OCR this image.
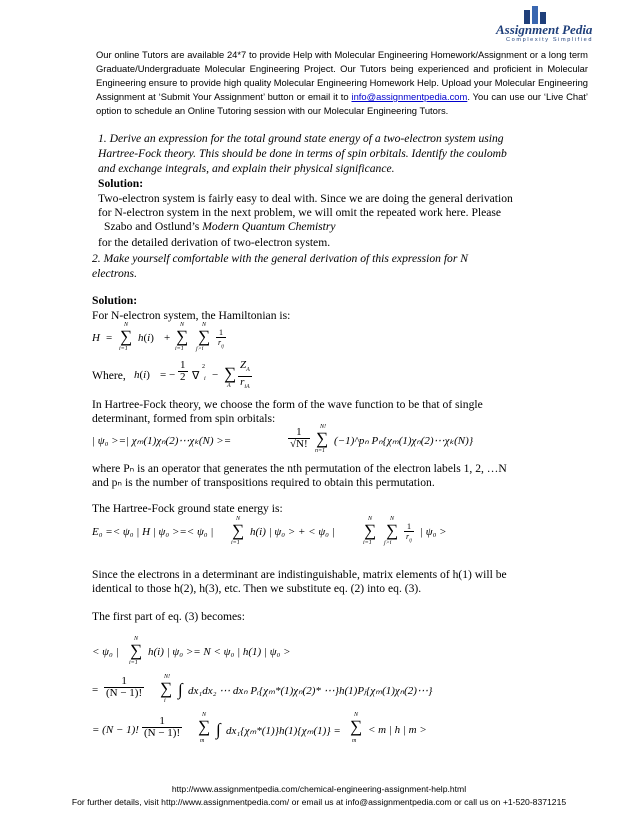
Assignment Pedia
Complexity Simplified
Our online Tutors are available 24*7 to provide Help with Molecular Engineering Homework/Assignment or a long term Graduate/Undergraduate Molecular Engineering Project. Our Tutors being experienced and proficient in Molecular Engineering ensure to provide high quality Molecular Engineering Homework Help. Upload your Molecular Engineering Assignment at ‘Submit Your Assignment’ button or email it to info@assignmentpedia.com. You can use our ‘Live Chat’ option to schedule an Online Tutoring session with our Molecular Engineering Tutors.
1. Derive an expression for the total ground state energy of a two-electron system using
Hartree-Fock theory. This should be done in terms of spin orbitals. Identify the coulomb
and exchange integrals, and explain their physical significance.
Solution:
Two-electron system is fairly easy to deal with. Since we are doing the general derivation
for N-electron system in the next problem, we will omit the repeated work here. Please
Szabo and Ostlund’s Modern Quantum Chemistry
for the detailed derivation of two-electron system.
2. Make yourself comfortable with the general derivation of this expression for N
electrons.
Solution:
For N-electron system, the Hamiltonian is:
H =
N
∑
i=1
h(i) +
N
∑
i=1
N
∑
j>i
1
$r_{ij}$
Where, h(i) = − $\frac{1}{2}$ ∇ i
2
− ∑
A
$Z_A$
$r_{iA}$
In Hartree-Fock theory, we choose the form of the wave function to be that of single
determinant, formed from spin orbitals:
| ψ₀ >=| χₘ(1)χₙ(2)⋯χₖ(N) >=	$\frac{1}{√N!} N$!
∑
n=1
(−1)^pₙ Pₙ{χₘ(1)χₙ(2)⋯χₖ(N)}
where Pₙ is an operator that generates the nth permutation of the electron labels 1, 2, …N
and pₙ is the number of transpositions required to obtain this permutation.
The Hartree-Fock ground state energy is:
E₀ =< ψ₀ | H | ψ₀ >=< ψ₀ |
N
∑
i=1
h(i) | ψ₀ > + < ψ₀ |
N
∑
i=1
N
∑
j>i
1
$r_{ij}$
| ψ₀ >
Since the electrons in a determinant are indistinguishable, matrix elements of h(1) will be
identical to those h(2), h(3), etc. Then we substitute eq. (2) into eq. (3).
The first part of eq. (3) becomes:
< ψ₀ |
N
∑
i=1
h(i) | ψ₀ >= N < ψ₀ | h(1) | ψ₀ >
= $\frac{1}{(N - 1)!}$	N!
∑
i
∫ dx₁dx₂ ⋯ dxₙ Pᵢ{χₘ*(1)χₙ(2)* ⋯}h(1)Pⱼ{χₘ(1)χₙ(2)⋯}
= (N − 1)! $\frac{1}{(N - 1)!}$
N
∑
m
∫ dx₁{χₘ*(1)}h(1){χₘ(1)} =
N
∑
m
< m | h | m >
http://www.assignmentpedia.com/chemical-engineering-assignment-help.html
For further details, visit http://www.assignmentpedia.com/ or email us at info@assignmentpedia.com or call us on +1-520-8371215
